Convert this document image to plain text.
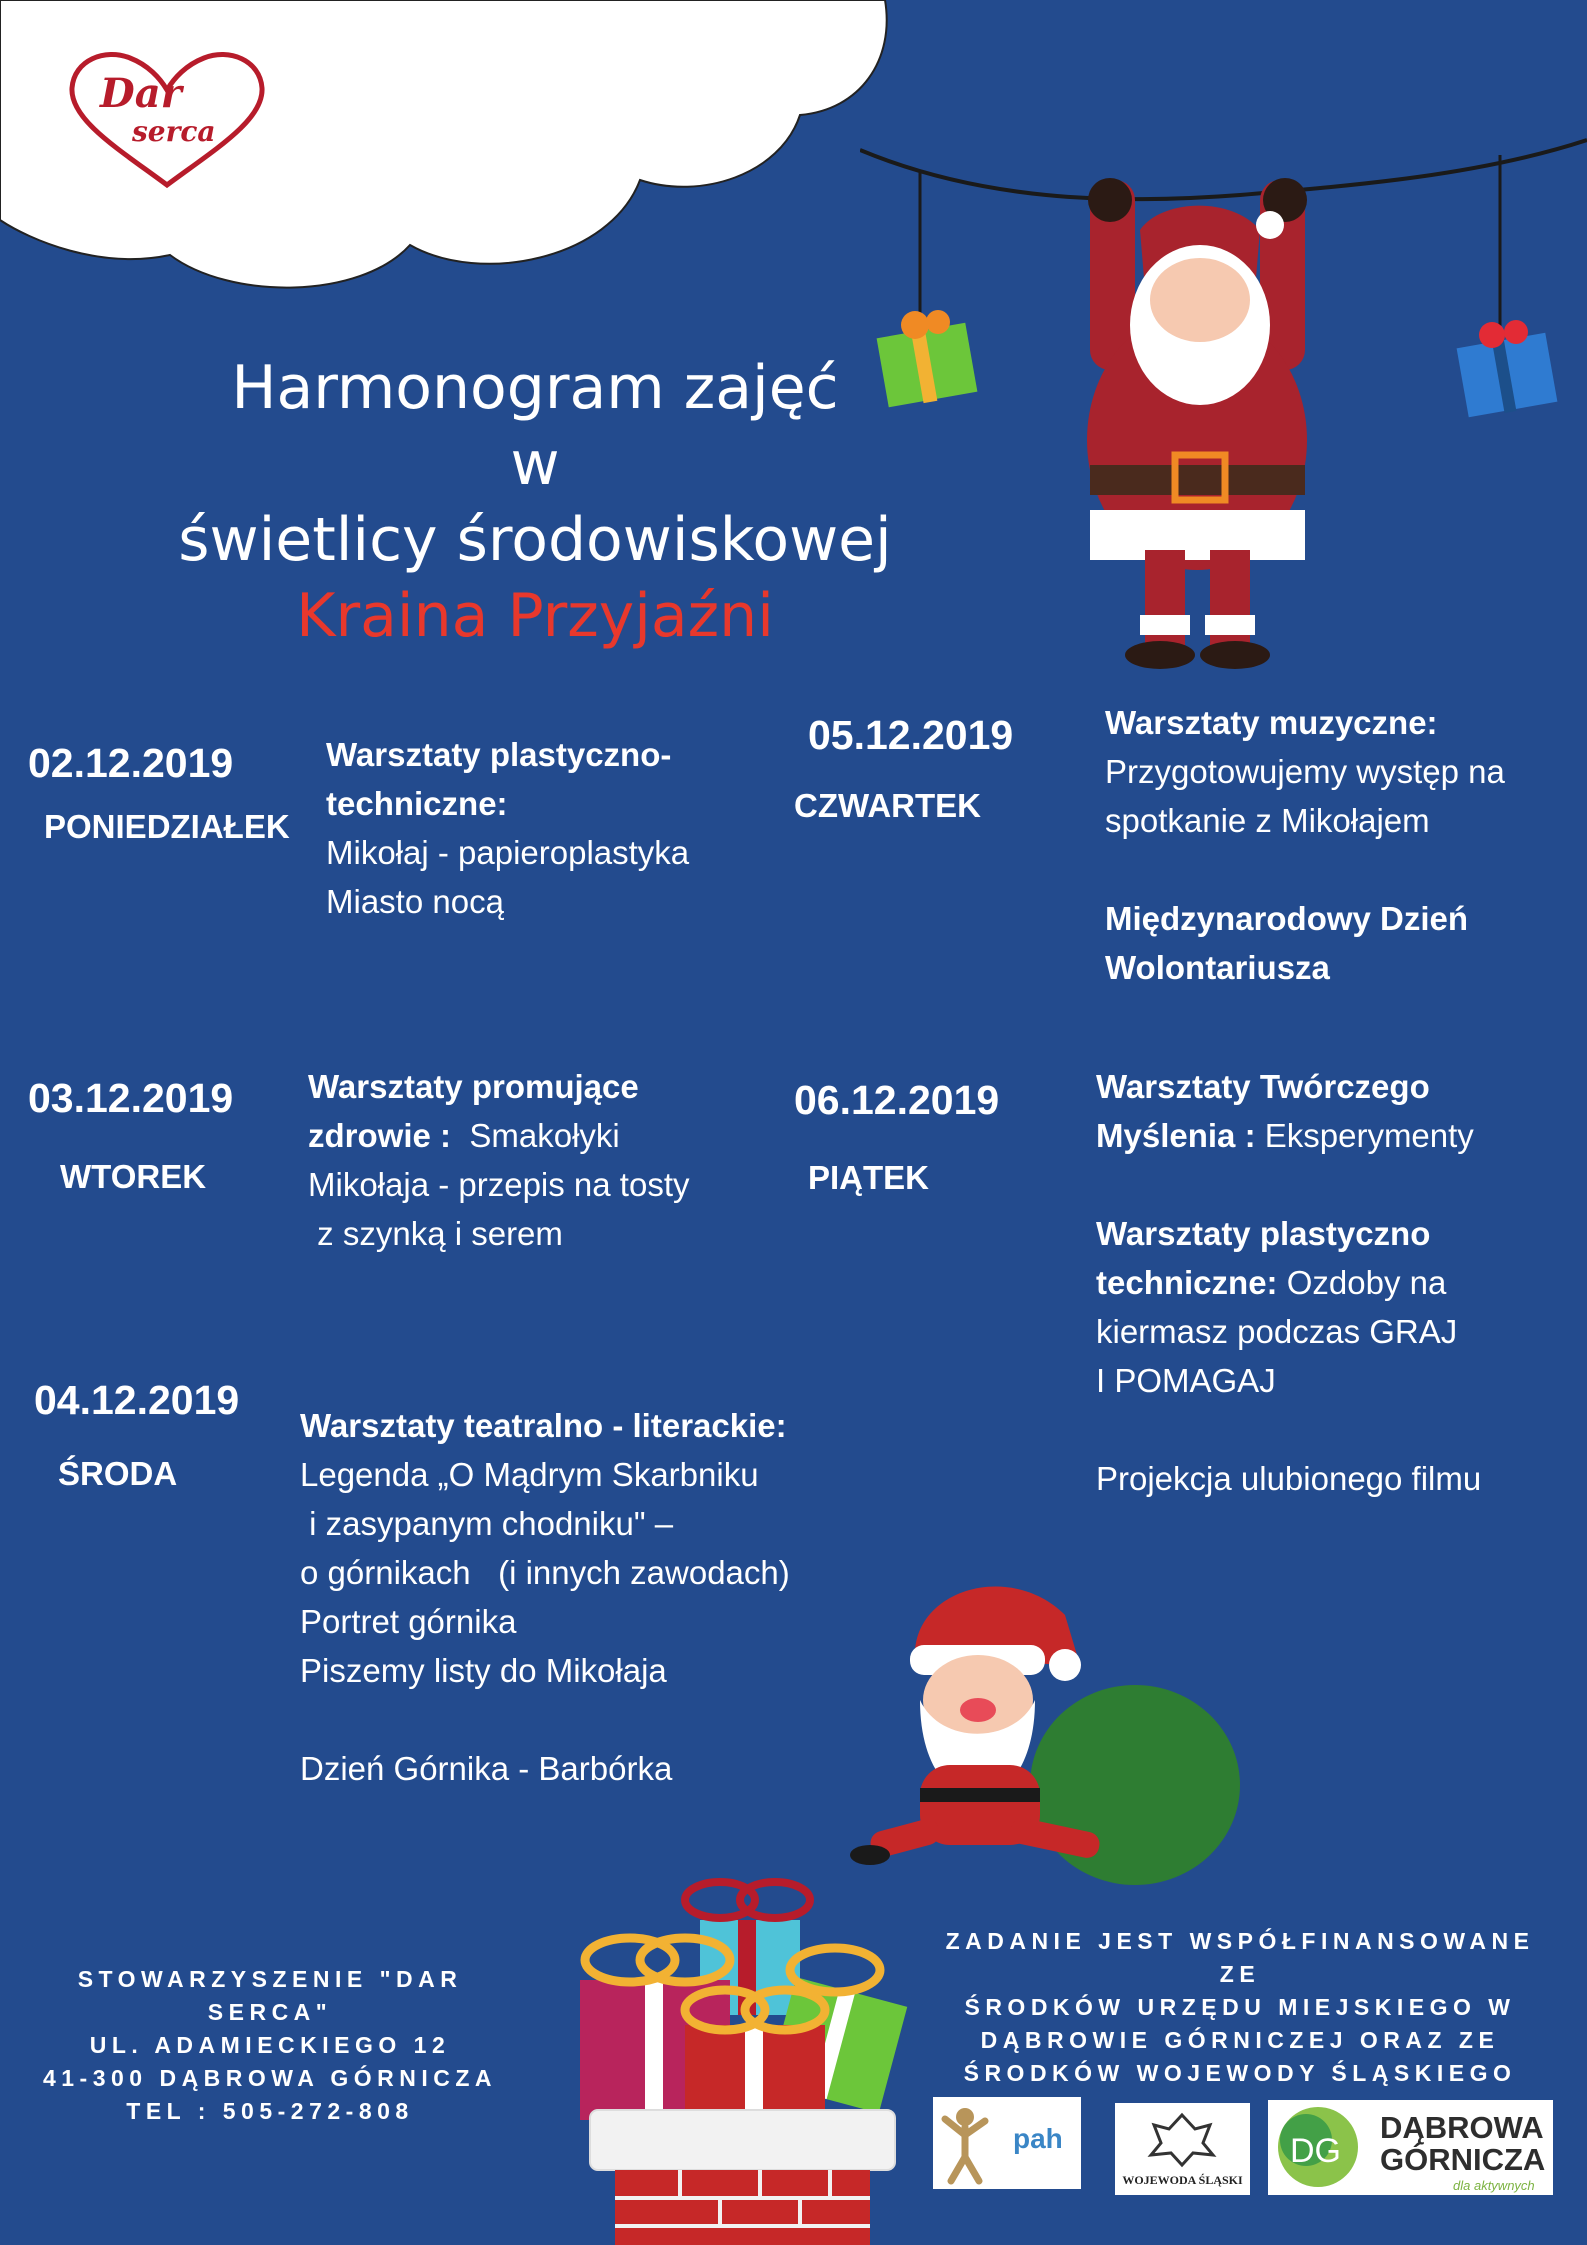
Dar
serca
Harmonogram zajęć
w
świetlicy środowiskowej
Kraina Przyjaźni
02.12.2019
PONIEDZIAŁEK
Warsztaty plastyczno-
techniczne:
Mikołaj - papieroplastyka
Miasto nocą
05.12.2019
CZWARTEK
Warsztaty muzyczne:
Przygotowujemy występ na
spotkanie z Mikołajem
Międzynarodowy Dzień
Wolontariusza
03.12.2019
WTOREK
Warsztaty promujące
zdrowie : Smakołyki
Mikołaja - przepis na tosty
z szynką i serem
06.12.2019
PIĄTEK
Warsztaty Twórczego
Myślenia : Eksperymenty
Warsztaty plastyczno
techniczne: Ozdoby na
kiermasz podczas GRAJ
I POMAGAJ
Projekcja ulubionego filmu
04.12.2019
ŚRODA
Warsztaty teatralno - literackie:
Legenda „O Mądrym Skarbniku
i zasypanym chodniku" –
o górnikach   (i innych zawodach)
Portret górnika
Piszemy listy do Mikołaja
Dzień Górnika - Barbórka
STOWARZYSZENIE "DAR SERCA"
UL. ADAMIECKIEGO 12
41-300 DĄBROWA GÓRNICZA
TEL : 505-272-808
ZADANIE JEST WSPÓŁFINANSOWANE ZE
ŚRODKÓW URZĘDU MIEJSKIEGO W
DĄBROWIE GÓRNICZEJ ORAZ ZE
ŚRODKÓW WOJEWODY ŚLĄSKIEGO
pah
WOJEWODA ŚLĄSKI
DG
DĄBROWA
GÓRNICZA
dla aktywnych
